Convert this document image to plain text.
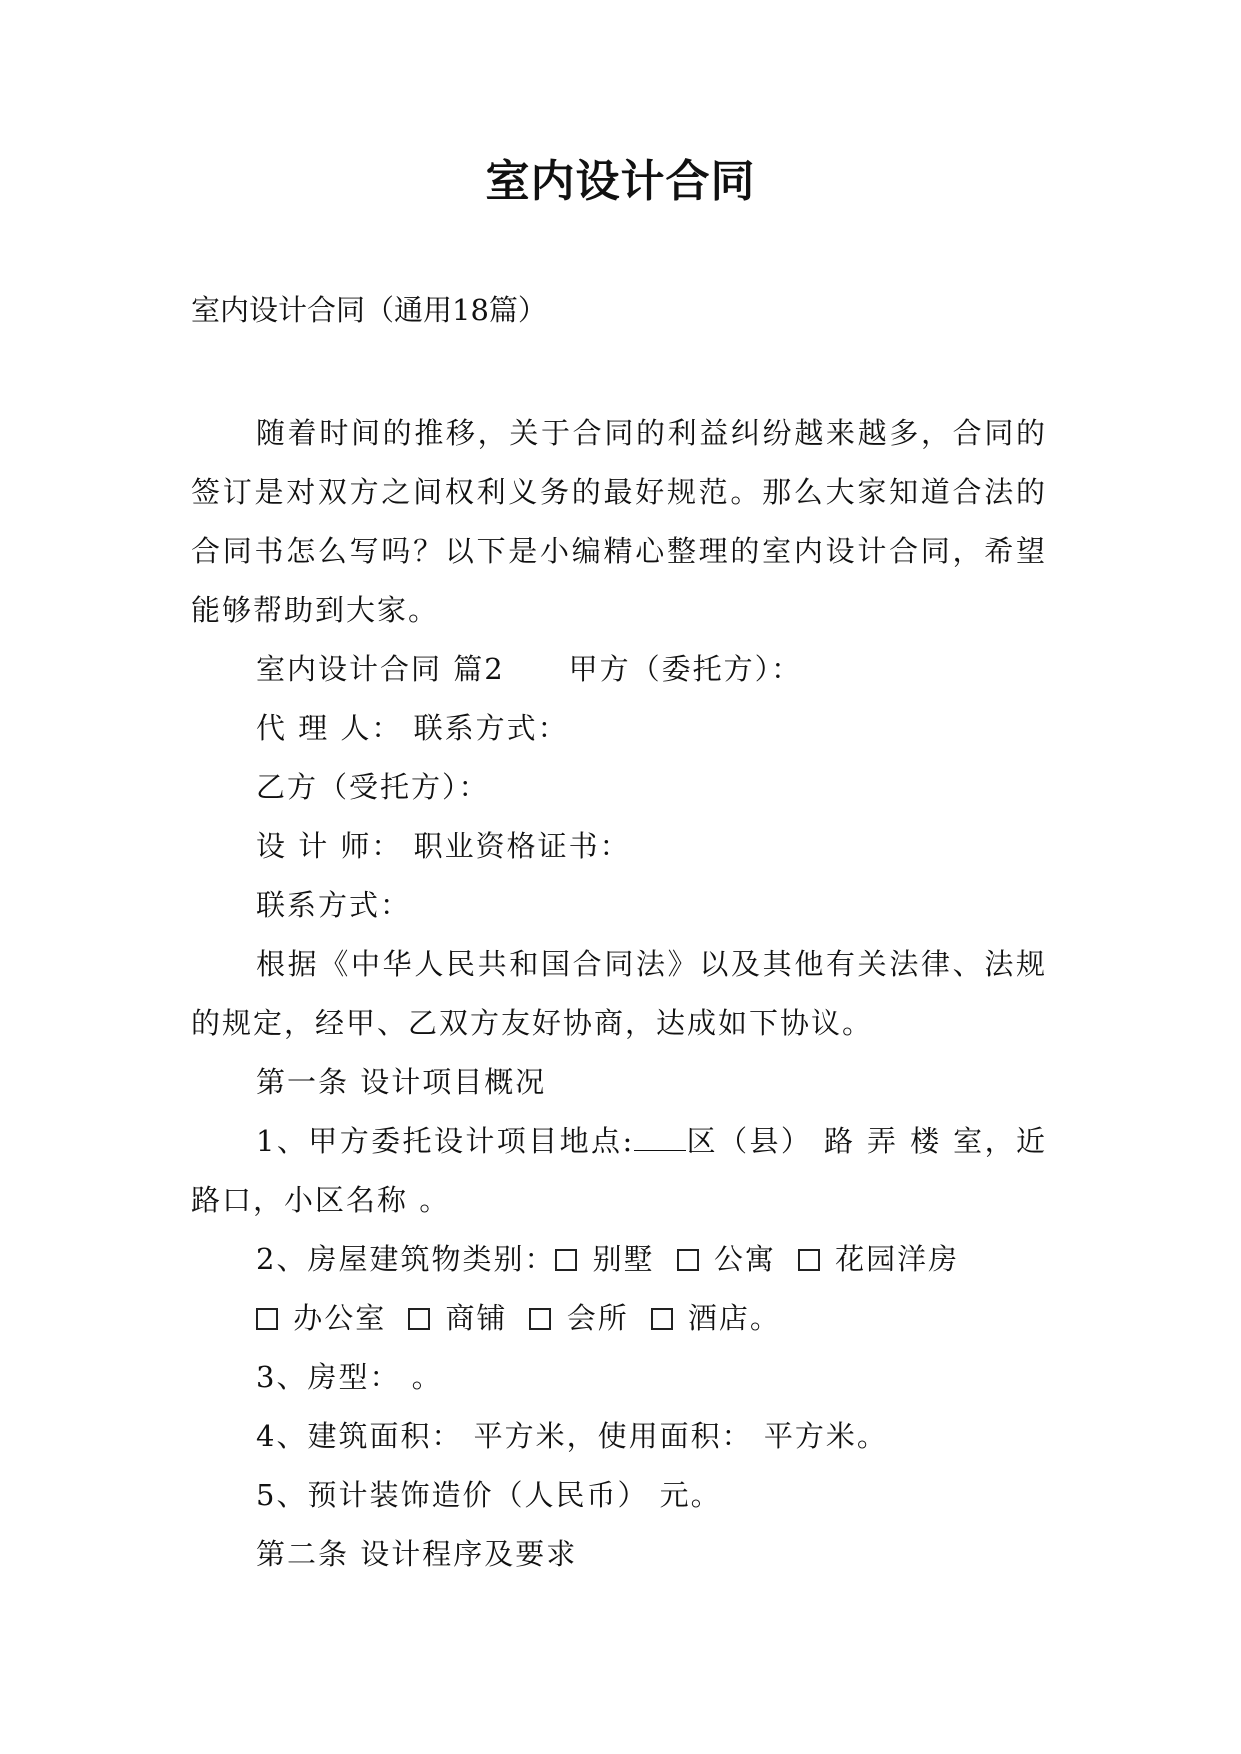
室内设计合同
室内设计合同（通用18篇）

随着时间的推移，关于合同的利益纠纷越来越多，合同的签订是对双方之间权利义务的最好规范。那么大家知道合法的合同书怎么写吗？以下是小编精心整理的室内设计合同，希望能够帮助到大家。

室内设计合同 篇2 甲方（委托方）：

代 理 人： 联系方式：

乙方（受托方）：

设 计 师： 职业资格证书：

联系方式：

根据《中华人民共和国合同法》以及其他有关法律、法规的规定，经甲、乙双方友好协商，达成如下协议。

第一条 设计项目概况

1、甲方委托设计项目地点: 区（县） 路 弄 楼 室，近 路口，小区名称 。

2、房屋建筑物类别： 别墅 公寓 花园洋房

办公室 商铺 会所 酒店。

3、房型： 。

4、建筑面积： 平方米，使用面积： 平方米。

5、预计装饰造价（人民币） 元。

第二条 设计程序及要求
